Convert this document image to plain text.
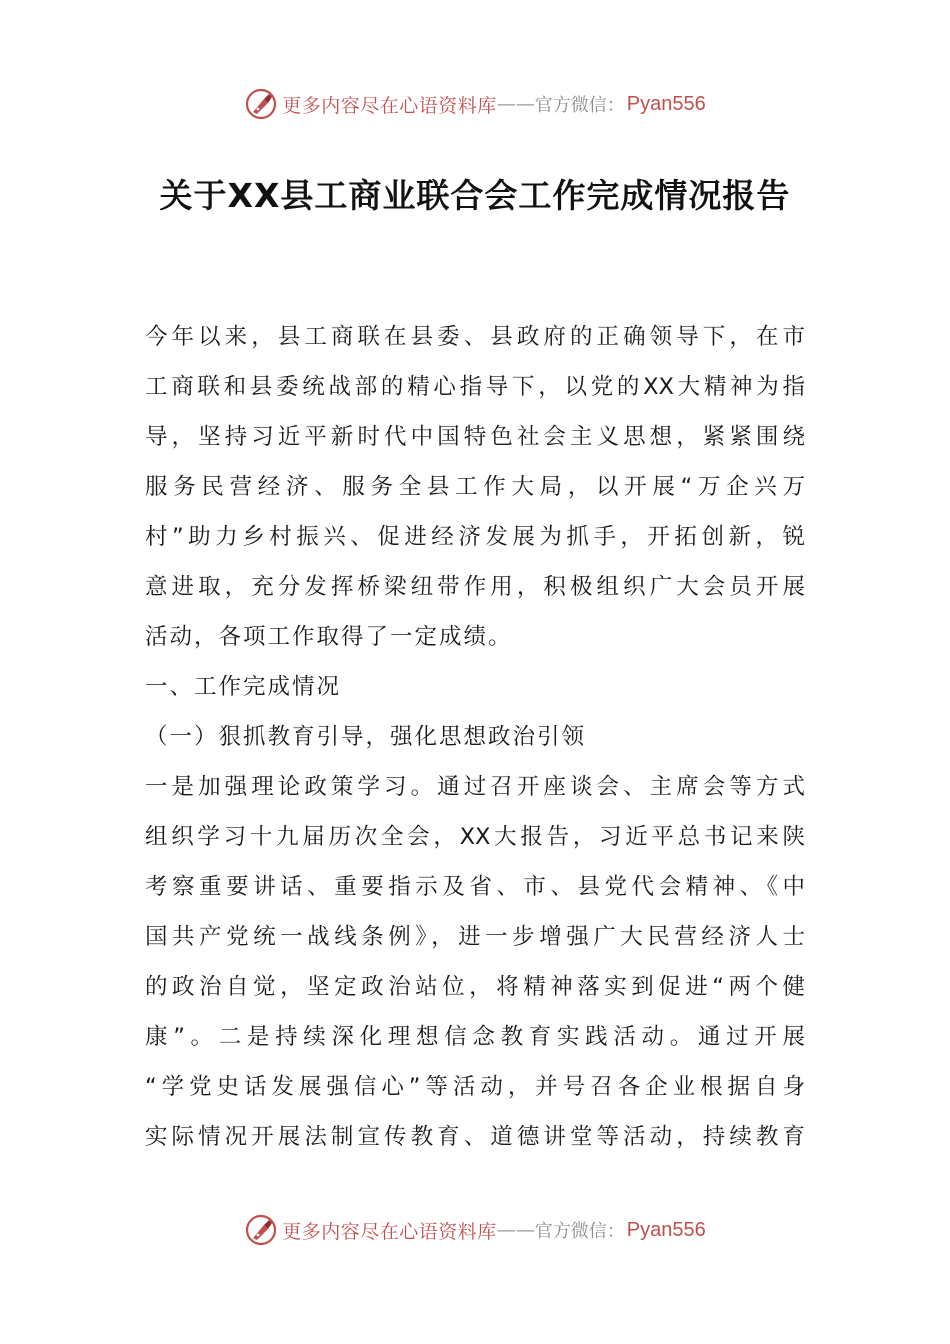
更多内容尽在心语资料库 —— 官方微信： Pyan556
关于XX县工商业联合会工作完成情况报告
今年以来，县工商联在县委、县政府的正确领导下，在市
工商联和县委统战部的精心指导下，以党的XX大精神为指
导，坚持习近平新时代中国特色社会主义思想，紧紧围绕
服务民营经济、服务全县工作大局，以开展“万企兴万
村”助力乡村振兴、促进经济发展为抓手，开拓创新，锐
意进取，充分发挥桥梁纽带作用，积极组织广大会员开展
活动，各项工作取得了一定成绩。
一、工作完成情况
（一）狠抓教育引导，强化思想政治引领
一是加强理论政策学习。通过召开座谈会、主席会等方式
组织学习十九届历次全会，XX大报告，习近平总书记来陕
考察重要讲话、重要指示及省、市、县党代会精神、《中
国共产党统一战线条例》，进一步增强广大民营经济人士
的政治自觉，坚定政治站位，将精神落实到促进“两个健
康”。二是持续深化理想信念教育实践活动。通过开展
“学党史话发展强信心”等活动，并号召各企业根据自身
实际情况开展法制宣传教育、道德讲堂等活动，持续教育
更多内容尽在心语资料库 —— 官方微信： Pyan556
